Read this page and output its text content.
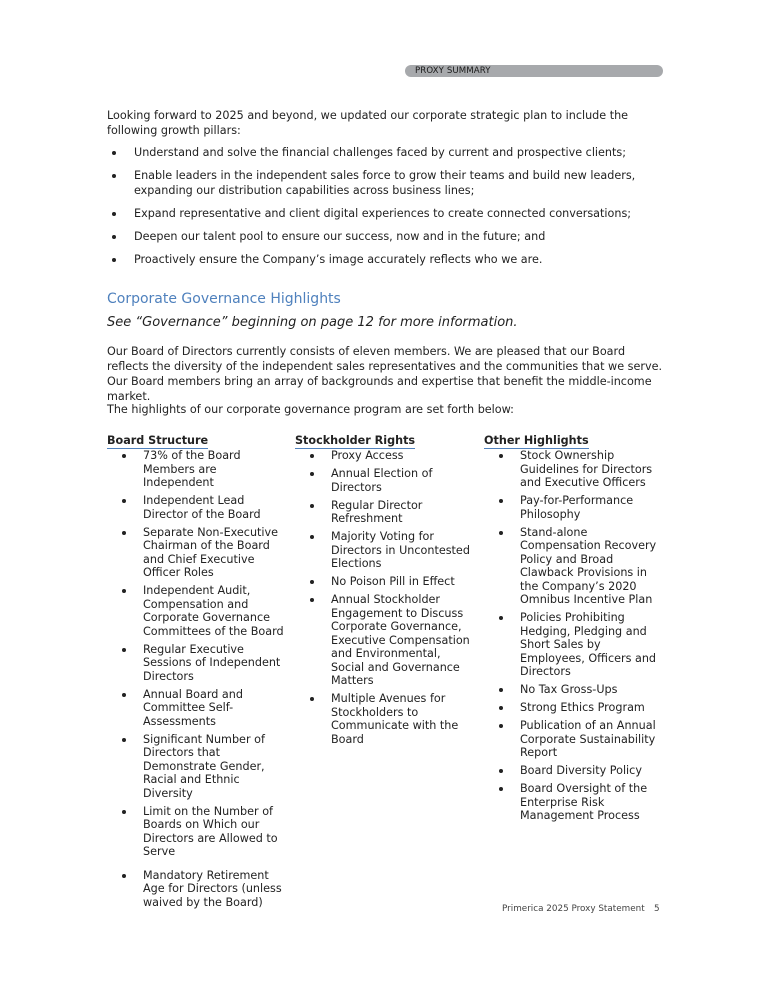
PROXY SUMMARY
Looking forward to 2025 and beyond, we updated our corporate strategic plan to include the following growth pillars:
Understand and solve the financial challenges faced by current and prospective clients;
Enable leaders in the independent sales force to grow their teams and build new leaders, expanding our distribution capabilities across business lines;
Expand representative and client digital experiences to create connected conversations;
Deepen our talent pool to ensure our success, now and in the future; and
Proactively ensure the Company’s image accurately reflects who we are.
Corporate Governance Highlights
See “Governance” beginning on page 12 for more information.
Our Board of Directors currently consists of eleven members. We are pleased that our Board reflects the diversity of the independent sales representatives and the communities that we serve. Our Board members bring an array of backgrounds and expertise that benefit the middle-income market.
The highlights of our corporate governance program are set forth below:
Board Structure
73% of the Board Members are Independent
Independent Lead Director of the Board
Separate Non-Executive Chairman of the Board and Chief Executive Officer Roles
Independent Audit, Compensation and Corporate Governance Committees of the Board
Regular Executive Sessions of Independent Directors
Annual Board and Committee Self-Assessments
Significant Number of Directors that Demonstrate Gender, Racial and Ethnic Diversity
Limit on the Number of Boards on Which our Directors are Allowed to Serve
Mandatory Retirement Age for Directors (unless waived by the Board)
Stockholder Rights
Proxy Access
Annual Election of Directors
Regular Director Refreshment
Majority Voting for Directors in Uncontested Elections
No Poison Pill in Effect
Annual Stockholder Engagement to Discuss Corporate Governance, Executive Compensation and Environmental, Social and Governance Matters
Multiple Avenues for Stockholders to Communicate with the Board
Other Highlights
Stock Ownership Guidelines for Directors and Executive Officers
Pay-for-Performance Philosophy
Stand-alone Compensation Recovery Policy and Broad Clawback Provisions in the Company’s 2020 Omnibus Incentive Plan
Policies Prohibiting Hedging, Pledging and Short Sales by Employees, Officers and Directors
No Tax Gross-Ups
Strong Ethics Program
Publication of an Annual Corporate Sustainability Report
Board Diversity Policy
Board Oversight of the Enterprise Risk Management Process
Primerica 2025 Proxy Statement 5
